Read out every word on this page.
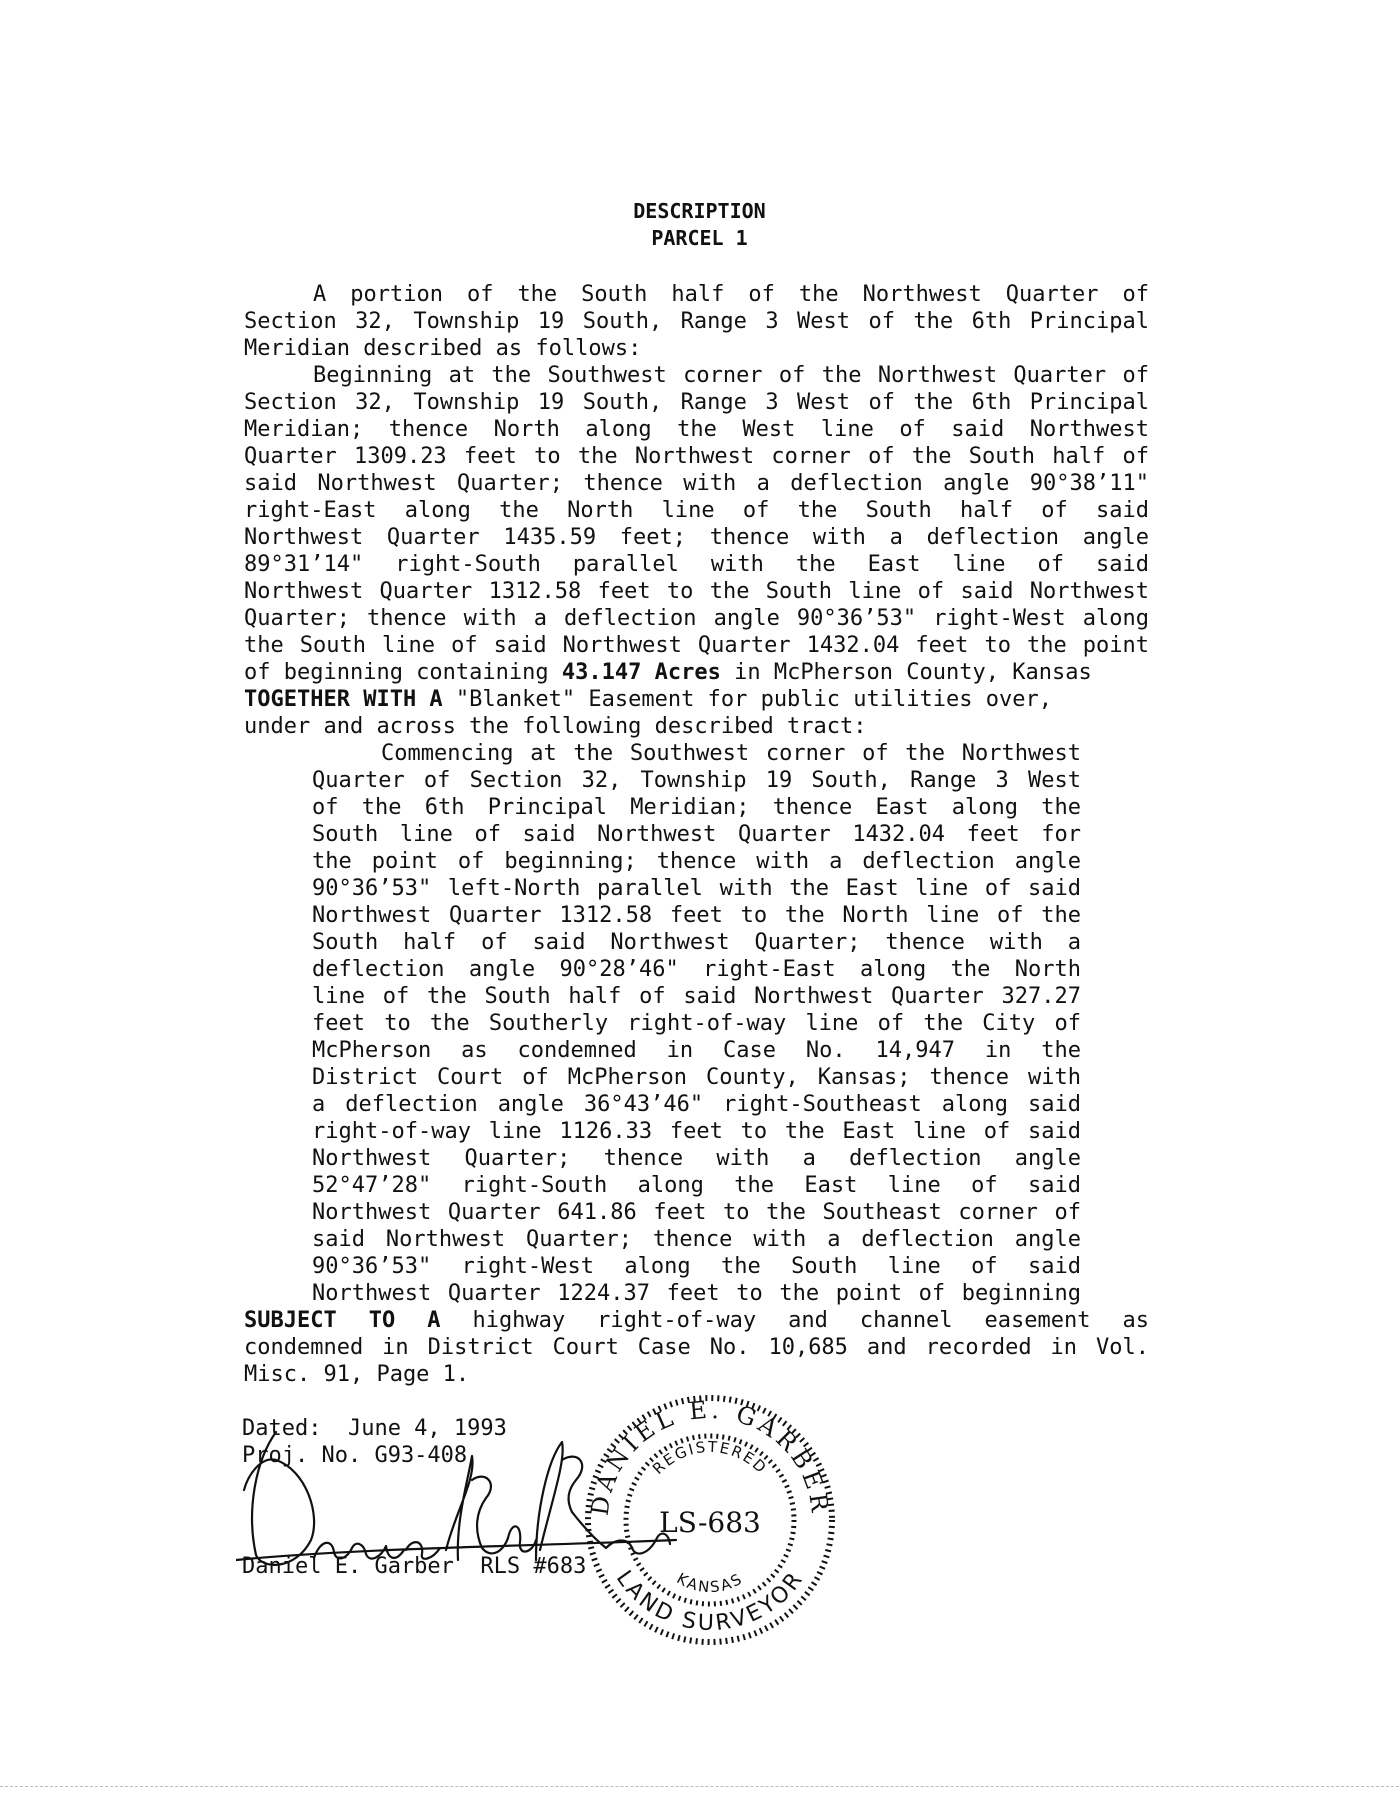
DESCRIPTION
PARCEL 1
A portion of the South half of the Northwest Quarter of
Section 32, Township 19 South, Range 3 West of the 6th Principal
Meridian described as follows:
Beginning at the Southwest corner of the Northwest Quarter of
Section 32, Township 19 South, Range 3 West of the 6th Principal
Meridian; thence North along the West line of said Northwest
Quarter 1309.23 feet to the Northwest corner of the South half of
said Northwest Quarter; thence with a deflection angle 90°38’11"
right-East along the North line of the South half of said
Northwest Quarter 1435.59 feet; thence with a deflection angle
89°31’14" right-South parallel with the East line of said
Northwest Quarter 1312.58 feet to the South line of said Northwest
Quarter; thence with a deflection angle 90°36’53" right-West along
the South line of said Northwest Quarter 1432.04 feet to the point
of beginning containing 43.147 Acres in McPherson County, Kansas
TOGETHER WITH A "Blanket" Easement for public utilities over,
under and across the following described tract:
Commencing at the Southwest corner of the Northwest
Quarter of Section 32, Township 19 South, Range 3 West
of the 6th Principal Meridian; thence East along the
South line of said Northwest Quarter 1432.04 feet for
the point of beginning; thence with a deflection angle
90°36’53" left-North parallel with the East line of said
Northwest Quarter 1312.58 feet to the North line of the
South half of said Northwest Quarter; thence with a
deflection angle 90°28’46" right-East along the North
line of the South half of said Northwest Quarter 327.27
feet to the Southerly right-of-way line of the City of
McPherson as condemned in Case No. 14,947 in the
District Court of McPherson County, Kansas; thence with
a deflection angle 36°43’46" right-Southeast along said
right-of-way line 1126.33 feet to the East line of said
Northwest Quarter; thence with a deflection angle
52°47’28" right-South along the East line of said
Northwest Quarter 641.86 feet to the Southeast corner of
said Northwest Quarter; thence with a deflection angle
90°36’53" right-West along the South line of said
Northwest Quarter 1224.37 feet to the point of beginning
SUBJECT TO A highway right-of-way and channel easement as
condemned in District Court Case No. 10,685 and recorded in Vol.
Misc. 91, Page 1.
Dated:  June 4, 1993
Proj. No. G93-408
Daniel E. Garber  RLS #683
DANIEL E. GARBER
REGISTERED
LS-683
KANSAS
LAND SURVEYOR
